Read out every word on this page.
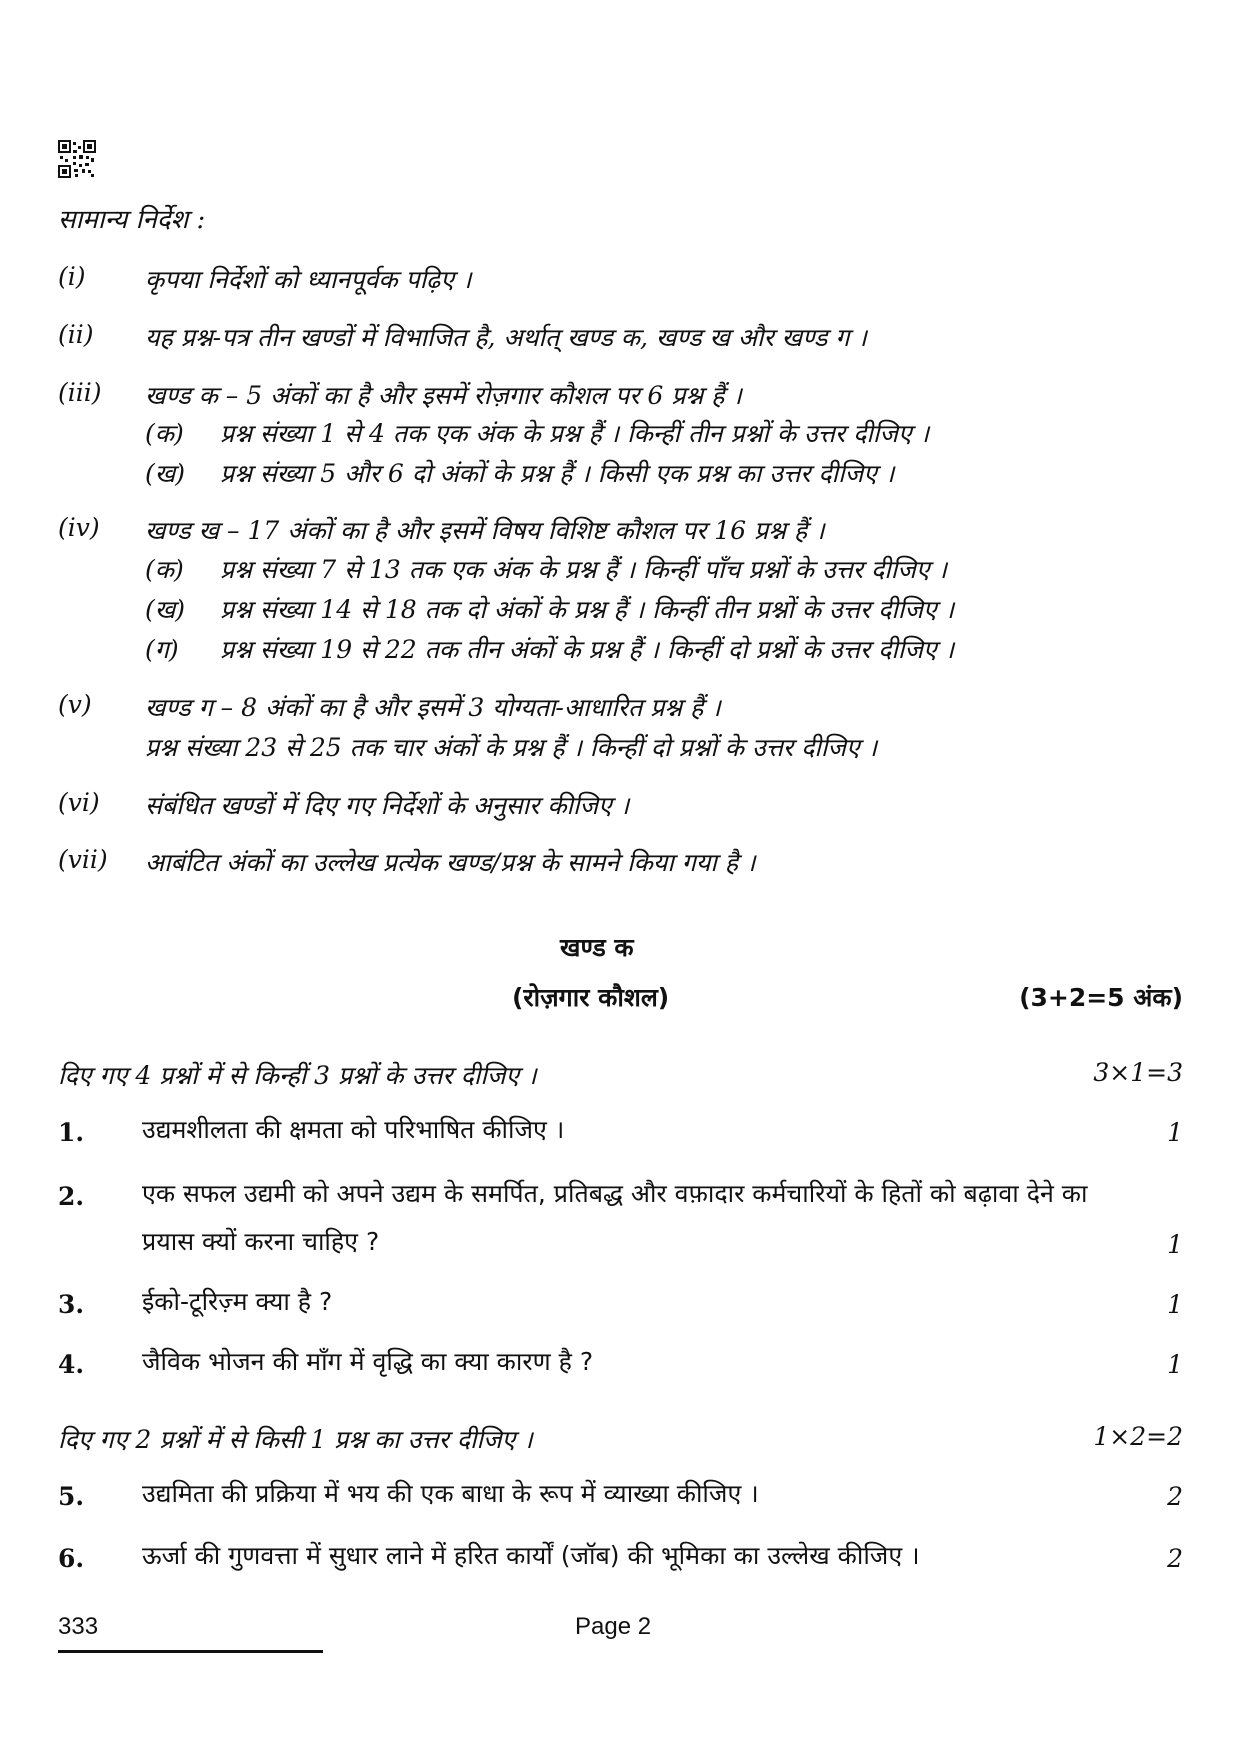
सामान्य निर्देश :
(i) कृपया निर्देशों को ध्यानपूर्वक पढ़िए ।
(ii) यह प्रश्न-पत्र तीन खण्डों में विभाजित है, अर्थात् खण्ड क, खण्ड ख और खण्ड ग ।
(iii) खण्ड क – 5 अंकों का है और इसमें रोज़गार कौशल पर 6 प्रश्न हैं ।
(क) प्रश्न संख्या 1 से 4 तक एक अंक के प्रश्न हैं । किन्हीं तीन प्रश्नों के उत्तर दीजिए ।
(ख) प्रश्न संख्या 5 और 6 दो अंकों के प्रश्न हैं । किसी एक प्रश्न का उत्तर दीजिए ।
(iv) खण्ड ख – 17 अंकों का है और इसमें विषय विशिष्ट कौशल पर 16 प्रश्न हैं ।
(क) प्रश्न संख्या 7 से 13 तक एक अंक के प्रश्न हैं । किन्हीं पाँच प्रश्नों के उत्तर दीजिए ।
(ख) प्रश्न संख्या 14 से 18 तक दो अंकों के प्रश्न हैं । किन्हीं तीन प्रश्नों के उत्तर दीजिए ।
(ग) प्रश्न संख्या 19 से 22 तक तीन अंकों के प्रश्न हैं । किन्हीं दो प्रश्नों के उत्तर दीजिए ।
(v) खण्ड ग – 8 अंकों का है और इसमें 3 योग्यता-आधारित प्रश्न हैं ।
प्रश्न संख्या 23 से 25 तक चार अंकों के प्रश्न हैं । किन्हीं दो प्रश्नों के उत्तर दीजिए ।
(vi) संबंधित खण्डों में दिए गए निर्देशों के अनुसार कीजिए ।
(vii) आबंटित अंकों का उल्लेख प्रत्येक खण्ड/प्रश्न के सामने किया गया है ।
खण्ड क
(रोज़गार कौशल)	(3+2=5 अंक)
दिए गए 4 प्रश्नों में से किन्हीं 3 प्रश्नों के उत्तर दीजिए ।	3×1=3
1. उद्यमशीलता की क्षमता को परिभाषित कीजिए ।	1
2. एक सफल उद्यमी को अपने उद्यम के समर्पित, प्रतिबद्ध और वफ़ादार कर्मचारियों के हितों को बढ़ावा देने का प्रयास क्यों करना चाहिए ?	1
3. ईको-टूरिज़्म क्या है ?	1
4. जैविक भोजन की माँग में वृद्धि का क्या कारण है ?	1
दिए गए 2 प्रश्नों में से किसी 1 प्रश्न का उत्तर दीजिए ।	1×2=2
5. उद्यमिता की प्रक्रिया में भय की एक बाधा के रूप में व्याख्या कीजिए ।	2
6. ऊर्जा की गुणवत्ता में सुधार लाने में हरित कार्यों (जॉब) की भूमिका का उल्लेख कीजिए ।	2
333	Page 2
